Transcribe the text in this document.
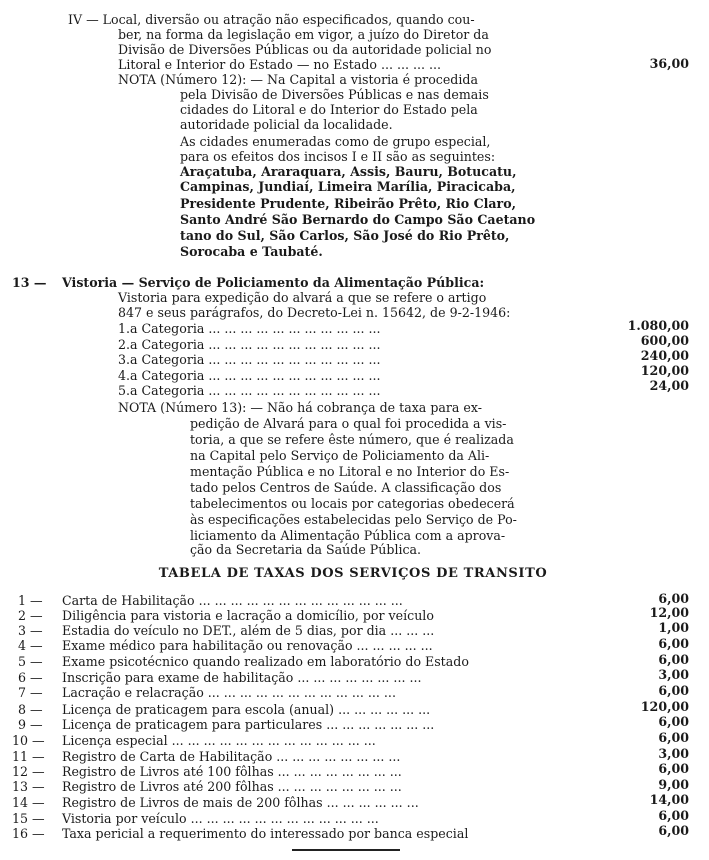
IV — Local, diversão ou atração não especificados, quando cou-
ber, na forma da legislação em vigor, a juízo do Diretor da
Divisão de Diversões Públicas ou da autoridade policial no
Litoral e Interior do Estado — no Estado ... ... ... ...	36,00
NOTA (Número 12): — Na Capital a vistoria é procedida
pela Divisão de Diversões Públicas e nas demais
cidades do Litoral e do Interior do Estado pela
autoridade policial da localidade.
As cidades enumeradas como de grupo especial,
para os efeitos dos incisos I e II são as seguintes:
Araçatuba, Araraquara, Assis, Bauru, Botucatu,
Campinas, Jundiaí, Limeira Marília, Piracicaba,
Presidente Prudente, Ribeirão Prêto, Rio Claro,
Santo André São Bernardo do Campo São Caetano
tano do Sul, São Carlos, São José do Rio Prêto,
Sorocaba e Taubaté.
13 — Vistoria — Serviço de Policiamento da Alimentação Pública:
Vistoria para expedição do alvará a que se refere o artigo
847 e seus parágrafos, do Decreto-Lei n. 15642, de 9-2-1946:
1.a Categoria ... ... ... ... ... ... ... ... ... ... ...	1.080,00
2.a Categoria ... ... ... ... ... ... ... ... ... ... ...	600,00
3.a Categoria ... ... ... ... ... ... ... ... ... ... ...	240,00
4.a Categoria ... ... ... ... ... ... ... ... ... ... ...	120,00
5.a Categoria ... ... ... ... ... ... ... ... ... ... ...	24,00
NOTA (Número 13): — Não há cobrança de taxa para ex-
pedição de Alvará para o qual foi procedida a vis-
toria, a que se refere êste número, que é realizada
na Capital pelo Serviço de Policiamento da Ali-
mentação Pública e no Litoral e no Interior do Es-
tado pelos Centros de Saúde. A classificação dos
tabelecimentos ou locais por categorias obedecerá
às especificações estabelecidas pelo Serviço de Po-
liciamento da Alimentação Pública com a aprova-
ção da Secretaria da Saúde Pública.
TABELA DE TAXAS DOS SERVIÇOS DE TRANSITO
1 — Carta de Habilitação ... ... ... ... ... ... ... ... ... ... ... ... ...	6,00
2 — Diligência para vistoria e lacração a domicílio, por veículo	12,00
3 — Estadia do veículo no DET., além de 5 dias, por dia ... ... ...	1,00
4 — Exame médico para habilitação ou renovação ... ... ... ... ...	6,00
5 — Exame psicotécnico quando realizado em laboratório do Estado	6,00
6 — Inscrição para exame de habilitação ... ... ... ... ... ... ... ...	3,00
7 — Lacração e relacração ... ... ... ... ... ... ... ... ... ... ... ...	6,00
8 — Licença de praticagem para escola (anual) ... ... ... ... ... ...	120,00
9 — Licença de praticagem para particulares ... ... ... ... ... ... ...	6,00
10 — Licença especial ... ... ... ... ... ... ... ... ... ... ... ... ...	6,00
11 — Registro de Carta de Habilitação ... ... ... ... ... ... ... ...	3,00
12 — Registro de Livros até 100 fôlhas ... ... ... ... ... ... ... ...	6,00
13 — Registro de Livros até 200 fôlhas ... ... ... ... ... ... ... ...	9,00
14 — Registro de Livros de mais de 200 fôlhas ... ... ... ... ... ...	14,00
15 — Vistoria por veículo ... ... ... ... ... ... ... ... ... ... ... ...	6,00
16 — Taxa pericial a requerimento do interessado por banca especial	6,00
